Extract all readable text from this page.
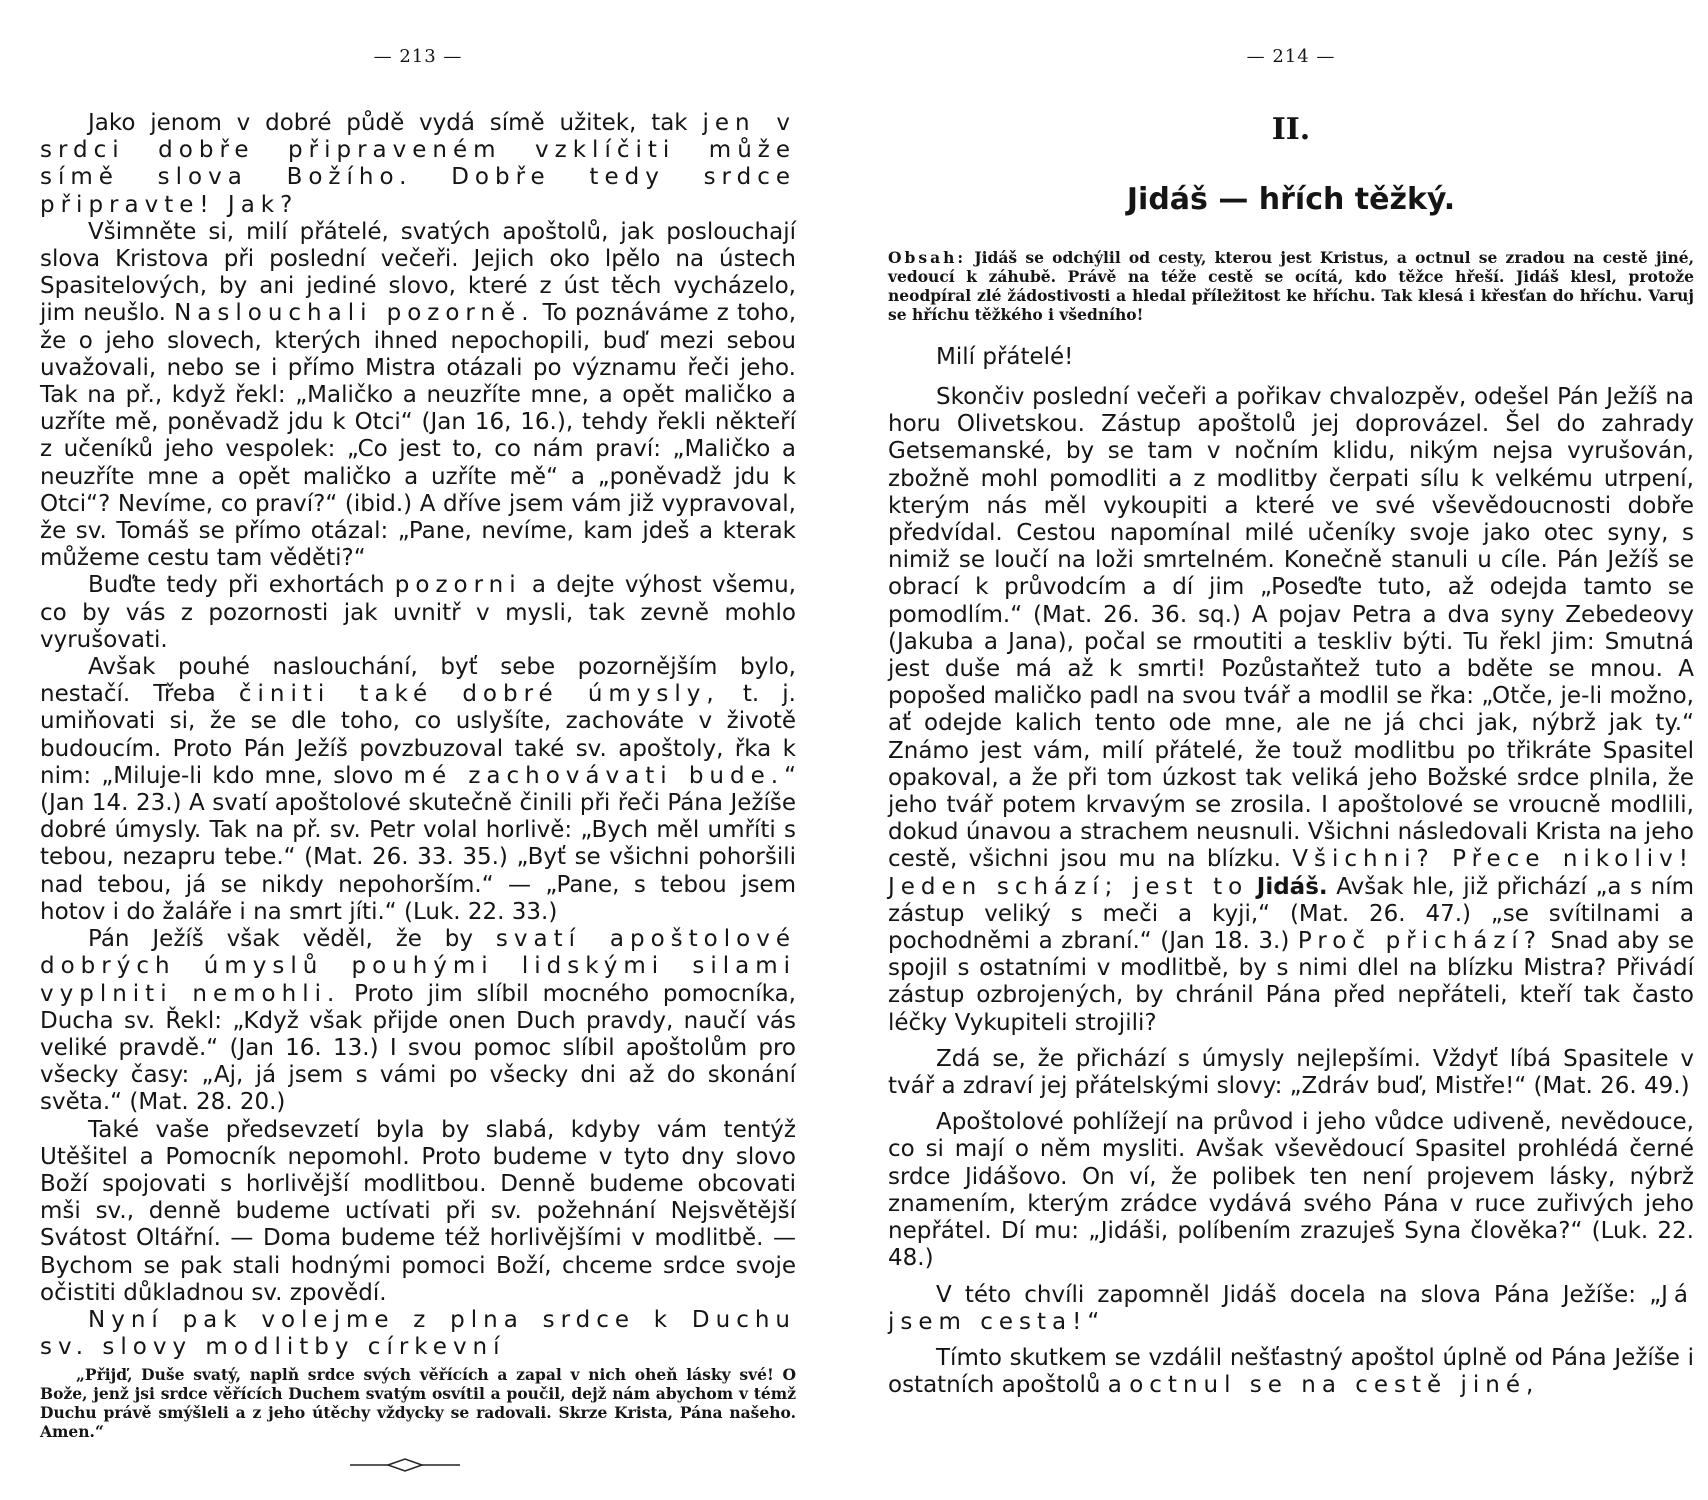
— 213 —

Jako jenom v dobré půdě vydá símě užitek, tak jen v srdci dobře připraveném vzklíčiti může símě slova Božího. Dobře tedy srdce připravte! Jak?

Všimněte si, milí přátelé, svatých apoštolů, jak poslouchají slova Kristova při poslední večeři. Jejich oko lpělo na ústech Spasitelových, by ani jediné slovo, které z úst těch vycházelo, jim neušlo. Naslouchali pozorně. To poznáváme z toho, že o jeho slovech, kterých ihned nepochopili, buď mezi sebou uvažovali, nebo se i přímo Mistra otázali po významu řeči jeho. Tak na př., když řekl: „Maličko a neuzříte mne, a opět maličko a uzříte mě, poněvadž jdu k Otci“ (Jan 16, 16.), tehdy řekli někteří z učeníků jeho vespolek: „Co jest to, co nám praví: „Maličko a neuzříte mne a opět maličko a uzříte mě“ a „poněvadž jdu k Otci“? Nevíme, co praví?“ (ibid.) A dříve jsem vám již vypravoval, že sv. Tomáš se přímo otázal: „Pane, nevíme, kam jdeš a kterak můžeme cestu tam věděti?“

Buďte tedy při exhortách pozorni a dejte výhost všemu, co by vás z pozornosti jak uvnitř v mysli, tak zevně mohlo vyrušovati.

Avšak pouhé naslouchání, byť sebe pozornějším bylo, nestačí. Třeba činiti také dobré úmysly, t. j. umiňovati si, že se dle toho, co uslyšíte, zachováte v životě budoucím. Proto Pán Ježíš povzbuzoval také sv. apoštoly, řka k nim: „Miluje-li kdo mne, slovo mé zachovávati bude.“ (Jan 14. 23.) A svatí apoštolové skutečně činili při řeči Pána Ježíše dobré úmysly. Tak na př. sv. Petr volal horlivě: „Bych měl umříti s tebou, nezapru tebe.“ (Mat. 26. 33. 35.) „Byť se všichni pohoršili nad tebou, já se nikdy nepohorším.“ — „Pane, s tebou jsem hotov i do žaláře i na smrt jíti.“ (Luk. 22. 33.)

Pán Ježíš však věděl, že by svatí apoštolové dobrých úmyslů pouhými lidskými silami vyplniti nemohli. Proto jim slíbil mocného pomocníka, Ducha sv. Řekl: „Když však přijde onen Duch pravdy, naučí vás veliké pravdě.“ (Jan 16. 13.) I svou pomoc slíbil apoštolům pro všecky časy: „Aj, já jsem s vámi po všecky dni až do skonání světa.“ (Mat. 28. 20.)

Také vaše předsevzetí byla by slabá, kdyby vám tentýž Utěšitel a Pomocník nepomohl. Proto budeme v tyto dny slovo Boží spojovati s horlivější modlitbou. Denně budeme obcovati mši sv., denně budeme uctívati při sv. požehnání Nejsvětější Svátost Oltářní. — Doma budeme též horlivějšími v modlitbě. — Bychom se pak stali hodnými pomoci Boží, chceme srdce svoje očistiti důkladnou sv. zpovědí.

Nyní pak volejme z plna srdce k Duchu sv. slovy modlitby církevní

„Přijď, Duše svatý, naplň srdce svých věřících a zapal v nich oheň lásky své! O Bože, jenž jsi srdce věřících Duchem svatým osvítil a poučil, dejž nám abychom v témž Duchu právě smýšleli a z jeho útěchy vždycky se radovali. Skrze Krista, Pána našeho. Amen.“

— 214 —
II.
Jidáš — hřích těžký.
Obsah: Jidáš se odchýlil od cesty, kterou jest Kristus, a octnul se zradou na cestě jiné, vedoucí k záhubě. Právě na téže cestě se ocítá, kdo těžce hřeší. Jidáš klesl, protože neodpíral zlé žádostivosti a hledal příležitost ke hříchu. Tak klesá i křesťan do hříchu. Varuj se hříchu těžkého i všedního!
Milí přátelé!

Skončiv poslední večeři a pořikav chvalozpěv, odešel Pán Ježíš na horu Olivetskou. Zástup apoštolů jej doprovázel. Šel do zahrady Getsemanské, by se tam v nočním klidu, nikým nejsa vyrušován, zbožně mohl pomodliti a z modlitby čerpati sílu k velkému utrpení, kterým nás měl vykoupiti a které ve své vševědoucnosti dobře předvídal. Cestou napomínal milé učeníky svoje jako otec syny, s nimiž se loučí na loži smrtelném. Konečně stanuli u cíle. Pán Ježíš se obrací k průvodcím a dí jim „Poseďte tuto, až odejda tamto se pomodlím.“ (Mat. 26. 36. sq.) A pojav Petra a dva syny Zebedeovy (Jakuba a Jana), počal se rmoutiti a teskliv býti. Tu řekl jim: Smutná jest duše má až k smrti! Pozůstaňtež tuto a bděte se mnou. A popošed maličko padl na svou tvář a modlil se řka: „Otče, je-li možno, ať odejde kalich tento ode mne, ale ne já chci jak, nýbrž jak ty.“ Známo jest vám, milí přátelé, že touž modlitbu po třikráte Spasitel opakoval, a že při tom úzkost tak veliká jeho Božské srdce plnila, že jeho tvář potem krvavým se zrosila. I apoštolové se vroucně modlili, dokud únavou a strachem neusnuli. Všichni následovali Krista na jeho cestě, všichni jsou mu na blízku. Všichni? Přece nikoliv! Jeden schází; jest to Jidáš. Avšak hle, již přichází „a s ním zástup veliký s meči a kyji,“ (Mat. 26. 47.) „se svítilnami a pochodněmi a zbraní.“ (Jan 18. 3.) Proč přichází? Snad aby se spojil s ostatními v modlitbě, by s nimi dlel na blízku Mistra? Přivádí zástup ozbrojených, by chránil Pána před nepřáteli, kteří tak často léčky Vykupiteli strojili?

Zdá se, že přichází s úmysly nejlepšími. Vždyť líbá Spasitele v tvář a zdraví jej přátelskými slovy: „Zdráv buď, Mistře!“ (Mat. 26. 49.)

Apoštolové pohlížejí na průvod i jeho vůdce udiveně, nevědouce, co si mají o něm mysliti. Avšak vševědoucí Spasitel prohlédá černé srdce Jidášovo. On ví, že polibek ten není projevem lásky, nýbrž znamením, kterým zrádce vydává svého Pána v ruce zuřivých jeho nepřátel. Dí mu: „Jidáši, políbením zrazuješ Syna člověka?“ (Luk. 22. 48.)

V této chvíli zapomněl Jidáš docela na slova Pána Ježíše: „Já jsem cesta!“

Tímto skutkem se vzdálil nešťastný apoštol úplně od Pána Ježíše i ostatních apoštolů a octnul se na cestě jiné,
